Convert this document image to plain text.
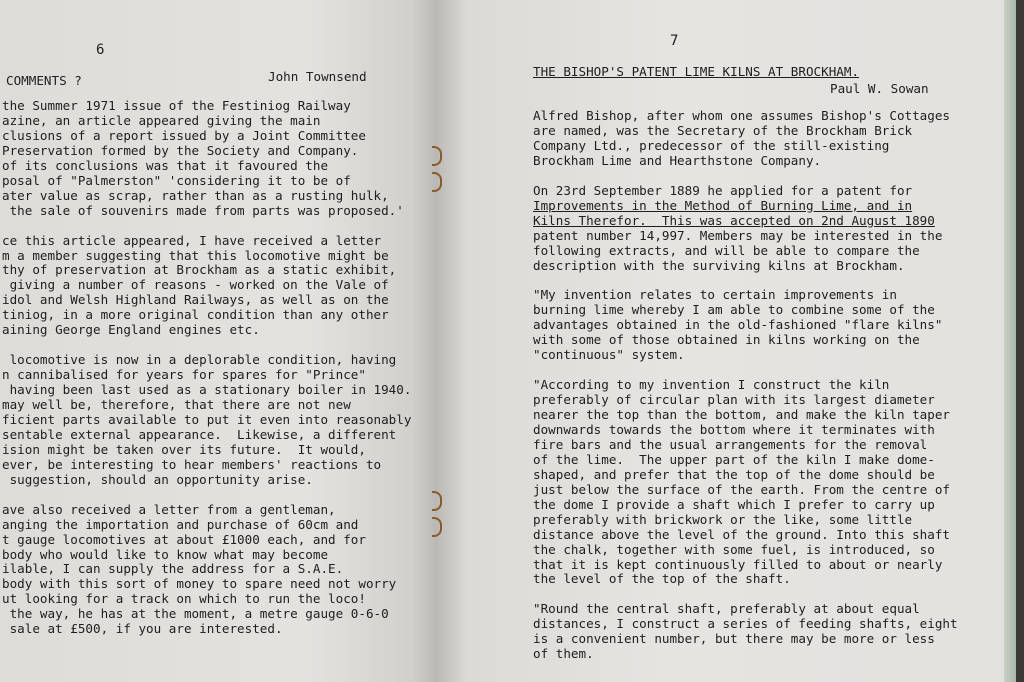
6
COMMENTS ?	John Townsend
the Summer 1971 issue of the Festiniog Railway
azine, an article appeared giving the main
clusions of a report issued by a Joint Committee
Preservation formed by the Society and Company.
of its conclusions was that it favoured the
posal of "Palmerston" 'considering it to be of
ater value as scrap, rather than as a rusting hulk,
the sale of souvenirs made from parts was proposed.'
ce this article appeared, I have received a letter
m a member suggesting that this locomotive might be
thy of preservation at Brockham as a static exhibit,
giving a number of reasons - worked on the Vale of
idol and Welsh Highland Railways, as well as on the
tiniog, in a more original condition than any other
aining George England engines etc.
locomotive is now in a deplorable condition, having
n cannibalised for years for spares for "Prince"
having been last used as a stationary boiler in 1940.
may well be, therefore, that there are not new
ficient parts available to put it even into reasonably
sentable external appearance.  Likewise, a different
ision might be taken over its future.  It would,
ever, be interesting to hear members' reactions to
suggestion, should an opportunity arise.
ave also received a letter from a gentleman,
anging the importation and purchase of 60cm and
t gauge locomotives at about £1000 each, and for
body who would like to know what may become
ilable, I can supply the address for a S.A.E.
body with this sort of money to spare need not worry
ut looking for a track on which to run the loco!
the way, he has at the moment, a metre gauge 0-6-0
sale at £500, if you are interested.
7
THE BISHOP'S PATENT LIME KILNS AT BROCKHAM.
Paul W. Sowan
Alfred Bishop, after whom one assumes Bishop's Cottages
are named, was the Secretary of the Brockham Brick
Company Ltd., predecessor of the still-existing
Brockham Lime and Hearthstone Company.
On 23rd September 1889 he applied for a patent for
Improvements in the Method of Burning Lime, and in
Kilns Therefor.  This was accepted on 2nd August 1890
patent number 14,997. Members may be interested in the
following extracts, and will be able to compare the
description with the surviving kilns at Brockham.
"My invention relates to certain improvements in
burning lime whereby I am able to combine some of the
advantages obtained in the old-fashioned "flare kilns"
with some of those obtained in kilns working on the
"continuous" system.
"According to my invention I construct the kiln
preferably of circular plan with its largest diameter
nearer the top than the bottom, and make the kiln taper
downwards towards the bottom where it terminates with
fire bars and the usual arrangements for the removal
of the lime.  The upper part of the kiln I make dome-
shaped, and prefer that the top of the dome should be
just below the surface of the earth. From the centre of
the dome I provide a shaft which I prefer to carry up
preferably with brickwork or the like, some little
distance above the level of the ground. Into this shaft
the chalk, together with some fuel, is introduced, so
that it is kept continuously filled to about or nearly
the level of the top of the shaft.
"Round the central shaft, preferably at about equal
distances, I construct a series of feeding shafts, eight
is a convenient number, but there may be more or less
of them.
